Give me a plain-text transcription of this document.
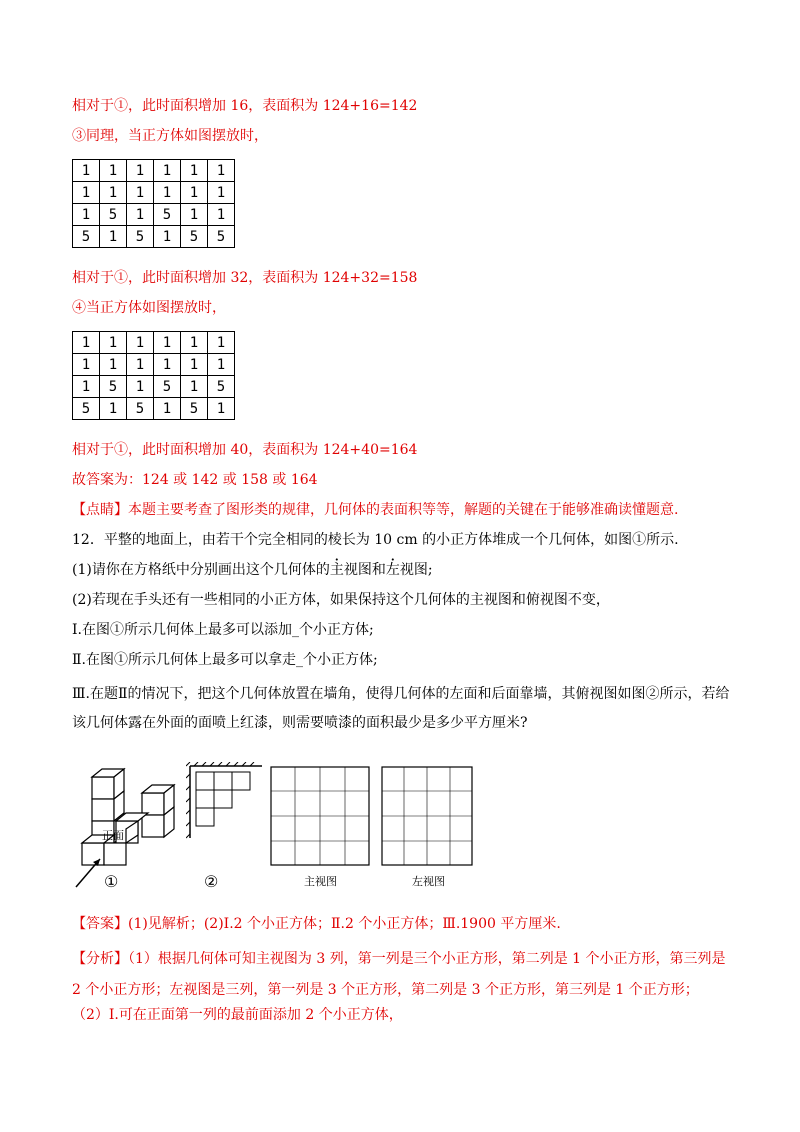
相对于①，此时面积增加 16，表面积为 124+16=142
③同理，当正方体如图摆放时，
1	1	1	1	1	1
1	1	1	1	1	1
1	5	1	5	1	1
5	1	5	1	5	5
相对于①，此时面积增加 32，表面积为 124+32=158
④当正方体如图摆放时，
1	1	1	1	1	1
1	1	1	1	1	1
1	5	1	5	1	5
5	1	5	1	5	1
相对于①，此时面积增加 40，表面积为 124+40=164
故答案为：124 或 142 或 158 或 164
【点睛】本题主要考查了图形类的规律，几何体的表面积等等，解题的关键在于能够准确读懂题意.
12．平整的地面上，由若干个完全相同的棱长为 10 cm 的小正方体堆成一个几何体，如图①所示.
(1)请你在方格纸中分别画出这个几何体的主视图和左视图;
(2)若现在手头还有一些相同的小正方体，如果保持这个几何体的主视图和俯视图不变，
Ⅰ.在图①所示几何体上最多可以添加_个小正方体;
Ⅱ.在图①所示几何体上最多可以拿走_个小正方体;
Ⅲ.在题Ⅱ的情况下，把这个几何体放置在墙角，使得几何体的左面和后面靠墙，其俯视图如图②所示，若给该几何体露在外面的面喷上红漆，则需要喷漆的面积最少是多少平方厘米?
正面
①	②	主视图	左视图
【答案】(1)见解析；(2)Ⅰ.2 个小正方体；Ⅱ.2 个小正方体；Ⅲ.1900 平方厘米.
【分析】（1）根据几何体可知主视图为 3 列，第一列是三个小正方形，第二列是 1 个小正方形，第三列是 2 个小正方形；左视图是三列，第一列是 3 个正方形，第二列是 3 个正方形，第三列是 1 个正方形；
（2）Ⅰ.可在正面第一列的最前面添加 2 个小正方体，
